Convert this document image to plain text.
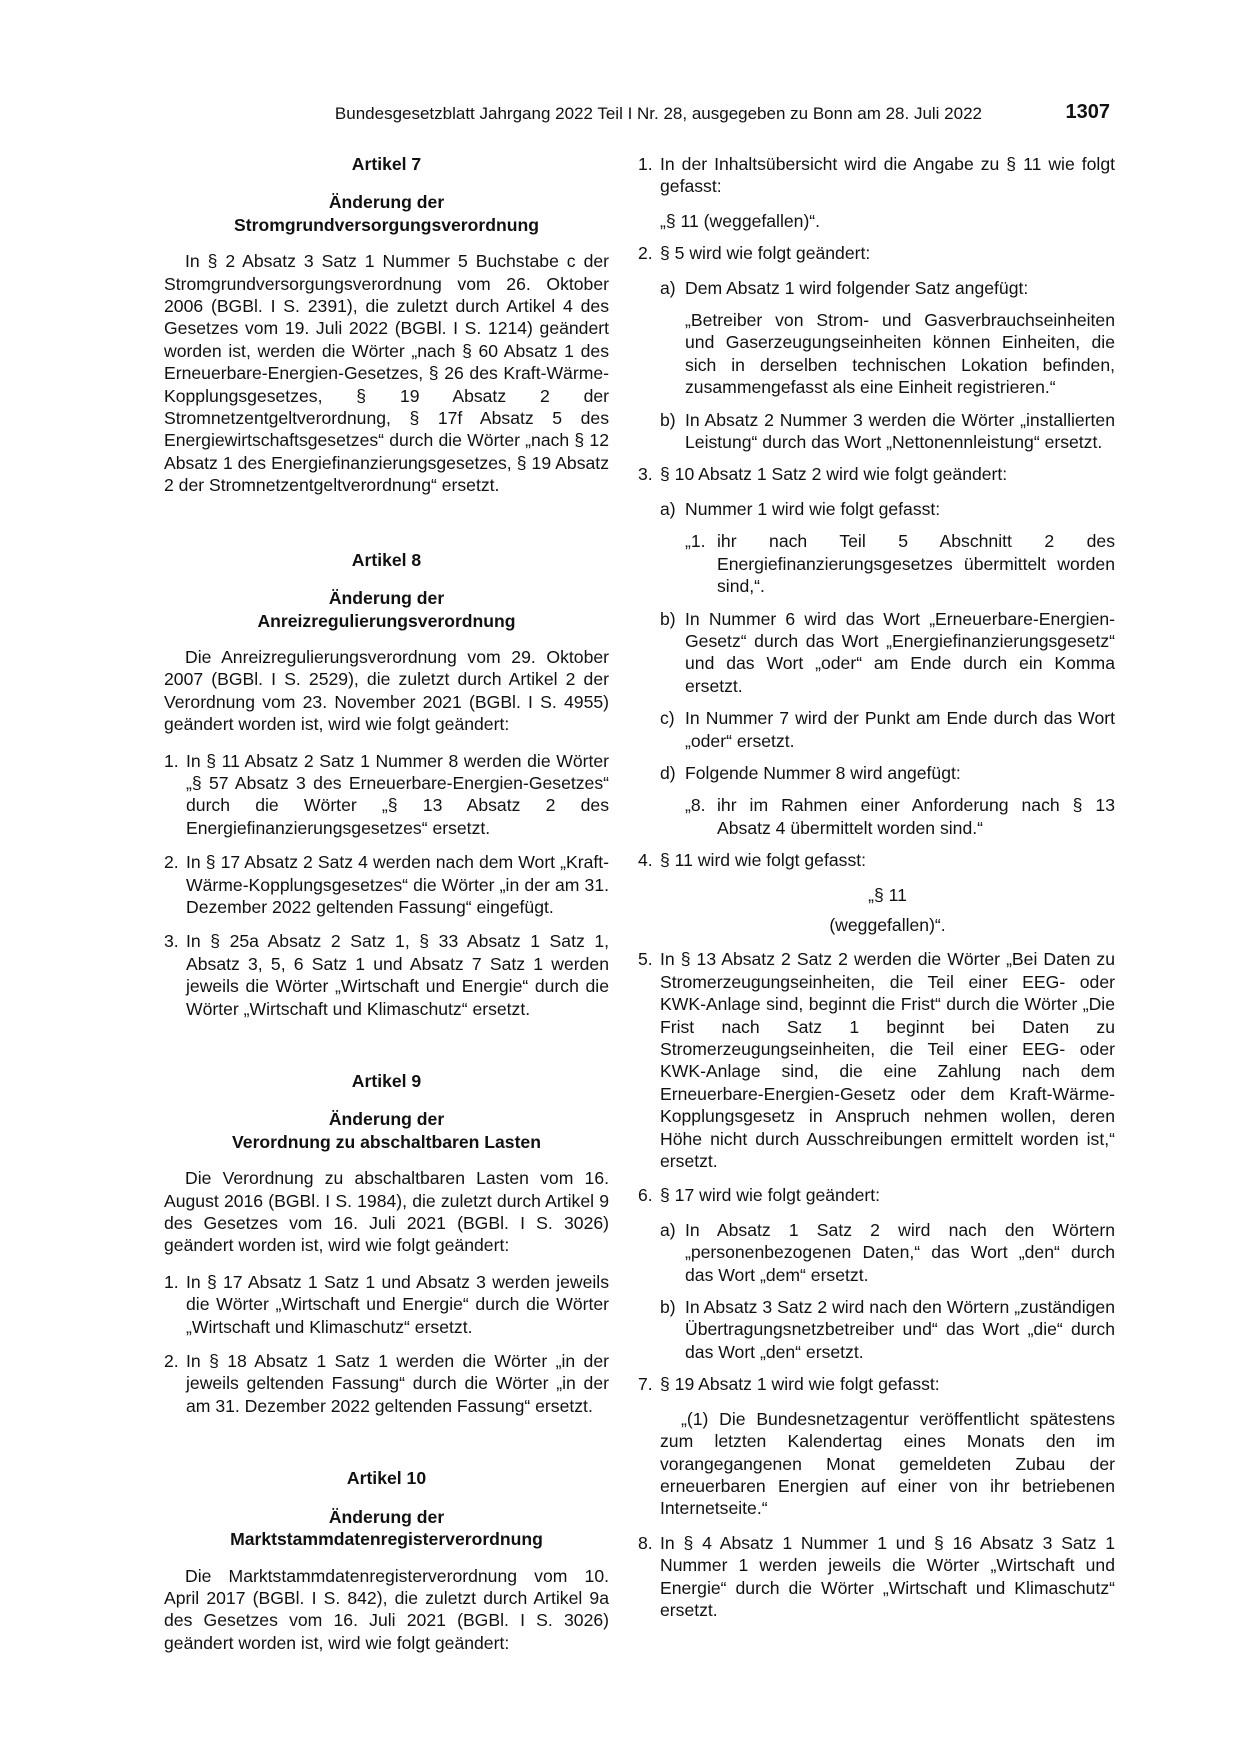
Bundesgesetzblatt Jahrgang 2022 Teil I Nr. 28, ausgegeben zu Bonn am 28. Juli 2022	1307

Artikel 7

Änderung der
Stromgrundversorgungsverordnung

In § 2 Absatz 3 Satz 1 Nummer 5 Buchstabe c der Stromgrundversorgungsverordnung vom 26. Oktober 2006 (BGBl. I S. 2391), die zuletzt durch Artikel 4 des Gesetzes vom 19. Juli 2022 (BGBl. I S. 1214) geändert worden ist, werden die Wörter „nach § 60 Absatz 1 des Erneuerbare-Energien-Gesetzes, § 26 des Kraft-Wärme-Kopplungsgesetzes, § 19 Absatz 2 der Stromnetzentgeltverordnung, § 17f Absatz 5 des Energiewirtschaftsgesetzes“ durch die Wörter „nach § 12 Absatz 1 des Energiefinanzierungsgesetzes, § 19 Absatz 2 der Stromnetzentgeltverordnung“ ersetzt.

Artikel 8

Änderung der
Anreizregulierungsverordnung

Die Anreizregulierungsverordnung vom 29. Oktober 2007 (BGBl. I S. 2529), die zuletzt durch Artikel 2 der Verordnung vom 23. November 2021 (BGBl. I S. 4955) geändert worden ist, wird wie folgt geändert:

1. In § 11 Absatz 2 Satz 1 Nummer 8 werden die Wörter „§ 57 Absatz 3 des Erneuerbare-Energien-Gesetzes“ durch die Wörter „§ 13 Absatz 2 des Energiefinanzierungsgesetzes“ ersetzt.
2. In § 17 Absatz 2 Satz 4 werden nach dem Wort „Kraft-Wärme-Kopplungsgesetzes“ die Wörter „in der am 31. Dezember 2022 geltenden Fassung“ eingefügt.
3. In § 25a Absatz 2 Satz 1, § 33 Absatz 1 Satz 1, Absatz 3, 5, 6 Satz 1 und Absatz 7 Satz 1 werden jeweils die Wörter „Wirtschaft und Energie“ durch die Wörter „Wirtschaft und Klimaschutz“ ersetzt.

Artikel 9

Änderung der
Verordnung zu abschaltbaren Lasten

Die Verordnung zu abschaltbaren Lasten vom 16. August 2016 (BGBl. I S. 1984), die zuletzt durch Artikel 9 des Gesetzes vom 16. Juli 2021 (BGBl. I S. 3026) geändert worden ist, wird wie folgt geändert:

1. In § 17 Absatz 1 Satz 1 und Absatz 3 werden jeweils die Wörter „Wirtschaft und Energie“ durch die Wörter „Wirtschaft und Klimaschutz“ ersetzt.
2. In § 18 Absatz 1 Satz 1 werden die Wörter „in der jeweils geltenden Fassung“ durch die Wörter „in der am 31. Dezember 2022 geltenden Fassung“ ersetzt.

Artikel 10

Änderung der
Marktstammdatenregisterverordnung

Die Marktstammdatenregisterverordnung vom 10. April 2017 (BGBl. I S. 842), die zuletzt durch Artikel 9a des Gesetzes vom 16. Juli 2021 (BGBl. I S. 3026) geändert worden ist, wird wie folgt geändert:

1. In der Inhaltsübersicht wird die Angabe zu § 11 wie folgt gefasst:

„§ 11 (weggefallen)“.

2. § 5 wird wie folgt geändert:
a) Dem Absatz 1 wird folgender Satz angefügt:

„Betreiber von Strom- und Gasverbrauchseinheiten und Gaserzeugungseinheiten können Einheiten, die sich in derselben technischen Lokation befinden, zusammengefasst als eine Einheit registrieren.“

b) In Absatz 2 Nummer 3 werden die Wörter „installierten Leistung“ durch das Wort „Nettonennleistung“ ersetzt.
3. § 10 Absatz 1 Satz 2 wird wie folgt geändert:
a) Nummer 1 wird wie folgt gefasst:
„1. ihr nach Teil 5 Abschnitt 2 des Energiefinanzierungsgesetzes übermittelt worden sind,“.
b) In Nummer 6 wird das Wort „Erneuerbare-Energien-Gesetz“ durch das Wort „Energiefinanzierungsgesetz“ und das Wort „oder“ am Ende durch ein Komma ersetzt.
c) In Nummer 7 wird der Punkt am Ende durch das Wort „oder“ ersetzt.
d) Folgende Nummer 8 wird angefügt:
„8. ihr im Rahmen einer Anforderung nach § 13 Absatz 4 übermittelt worden sind.“
4. § 11 wird wie folgt gefasst:

„§ 11

(weggefallen)“.

5. In § 13 Absatz 2 Satz 2 werden die Wörter „Bei Daten zu Stromerzeugungseinheiten, die Teil einer EEG- oder KWK-Anlage sind, beginnt die Frist“ durch die Wörter „Die Frist nach Satz 1 beginnt bei Daten zu Stromerzeugungseinheiten, die Teil einer EEG- oder KWK-Anlage sind, die eine Zahlung nach dem Erneuerbare-Energien-Gesetz oder dem Kraft-Wärme-Kopplungsgesetz in Anspruch nehmen wollen, deren Höhe nicht durch Ausschreibungen ermittelt worden ist,“ ersetzt.
6. § 17 wird wie folgt geändert:
a) In Absatz 1 Satz 2 wird nach den Wörtern „personenbezogenen Daten,“ das Wort „den“ durch das Wort „dem“ ersetzt.
b) In Absatz 3 Satz 2 wird nach den Wörtern „zuständigen Übertragungsnetzbetreiber und“ das Wort „die“ durch das Wort „den“ ersetzt.
7. § 19 Absatz 1 wird wie folgt gefasst:

„(1) Die Bundesnetzagentur veröffentlicht spätestens zum letzten Kalendertag eines Monats den im vorangegangenen Monat gemeldeten Zubau der erneuerbaren Energien auf einer von ihr betriebenen Internetseite.“

8. In § 4 Absatz 1 Nummer 1 und § 16 Absatz 3 Satz 1 Nummer 1 werden jeweils die Wörter „Wirtschaft und Energie“ durch die Wörter „Wirtschaft und Klimaschutz“ ersetzt.
